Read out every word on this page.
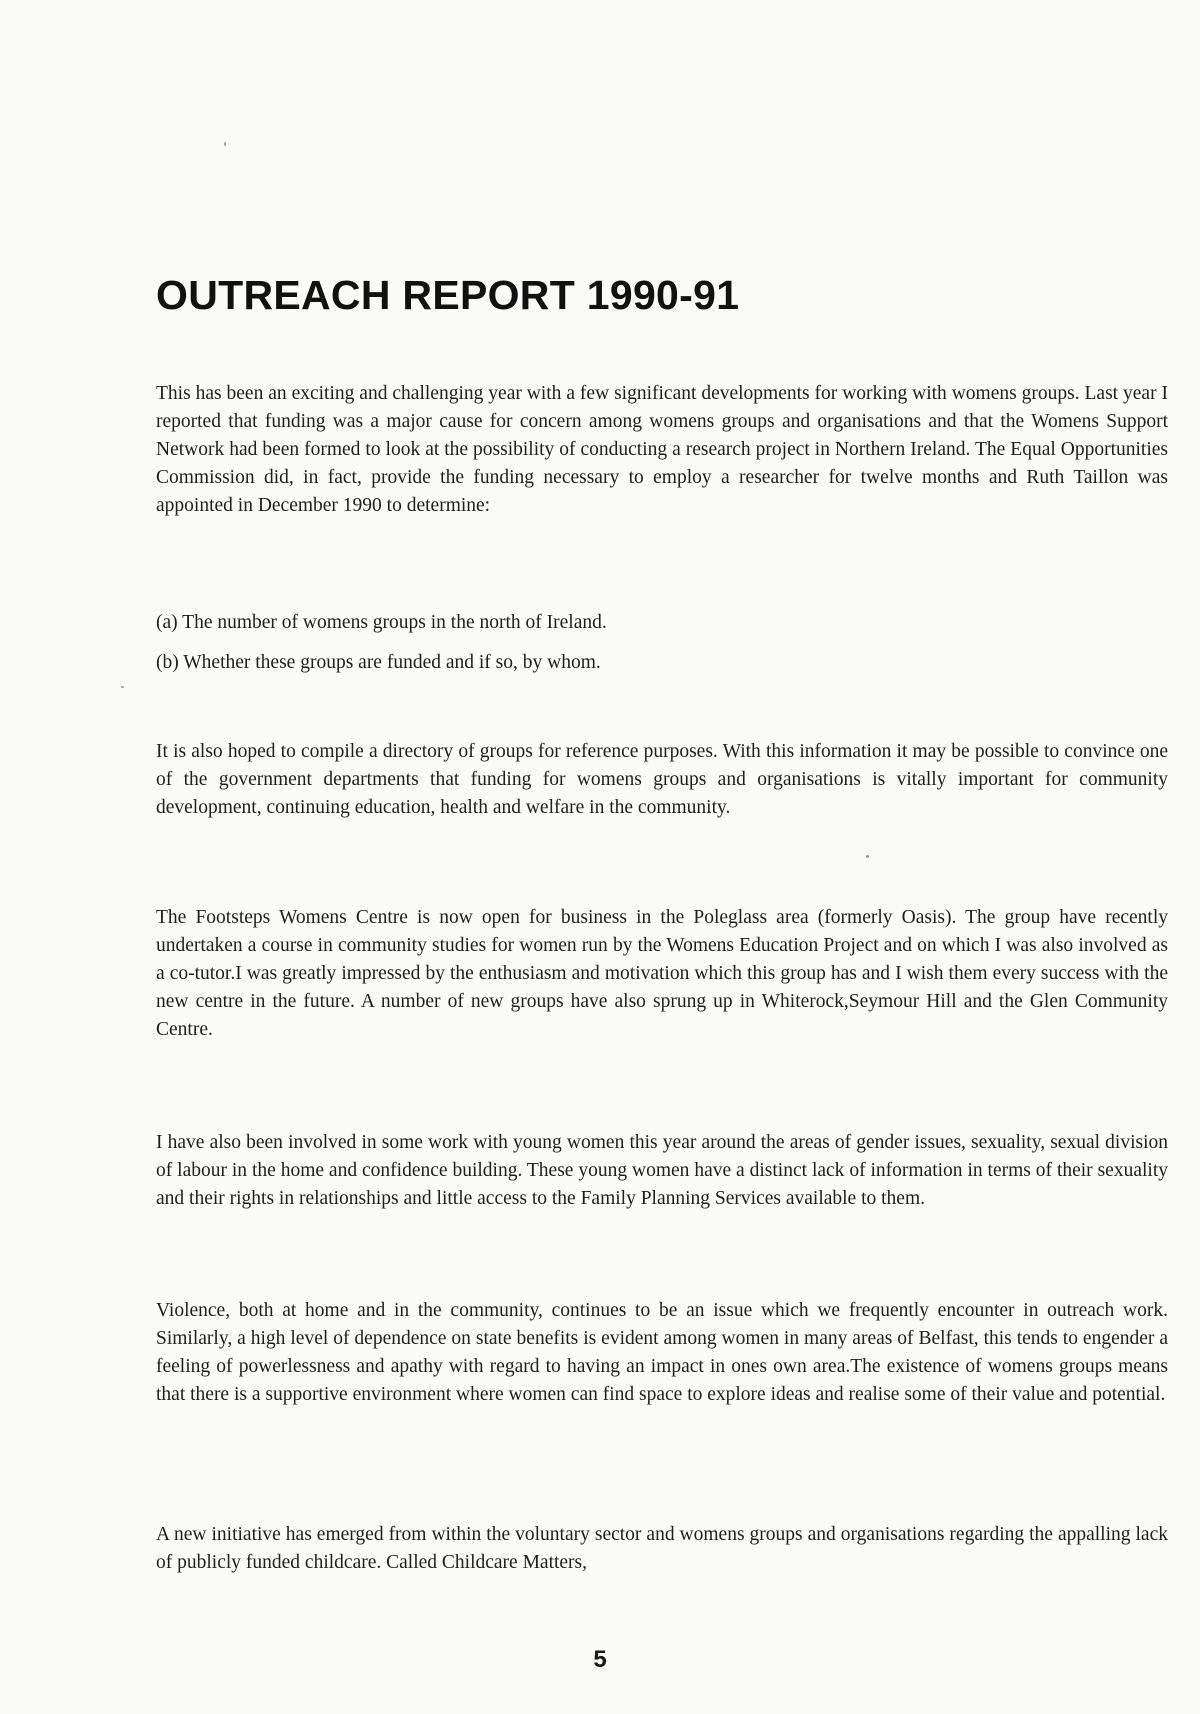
OUTREACH REPORT 1990-91

This has been an exciting and challenging year with a few significant developments for working with womens groups. Last year I reported that funding was a major cause for concern among womens groups and organisations and that the Womens Support Network had been formed to look at the possibility of conducting a research project in Northern Ireland. The Equal Opportunities Commission did, in fact, provide the funding necessary to employ a researcher for twelve months and Ruth Taillon was appointed in December 1990 to determine:

(a) The number of womens groups in the north of Ireland.

(b) Whether these groups are funded and if so, by whom.

It is also hoped to compile a directory of groups for reference purposes. With this information it may be possible to convince one of the government departments that funding for womens groups and organisations is vitally important for community development, continuing education, health and welfare in the community.

The Footsteps Womens Centre is now open for business in the Poleglass area (formerly Oasis). The group have recently undertaken a course in community studies for women run by the Womens Education Project and on which I was also involved as a co-tutor.I was greatly impressed by the enthusiasm and motivation which this group has and I wish them every success with the new centre in the future. A number of new groups have also sprung up in Whiterock,Seymour Hill and the Glen Community Centre.

I have also been involved in some work with young women this year around the areas of gender issues, sexuality, sexual division of labour in the home and confidence building. These young women have a distinct lack of information in terms of their sexuality and their rights in relationships and little access to the Family Planning Services available to them.

Violence, both at home and in the community, continues to be an issue which we frequently encounter in outreach work. Similarly, a high level of dependence on state benefits is evident among women in many areas of Belfast, this tends to engender a feeling of powerlessness and apathy with regard to having an impact in ones own area.The existence of womens groups means that there is a supportive environment where women can find space to explore ideas and realise some of their value and potential.

A new initiative has emerged from within the voluntary sector and womens groups and organisations regarding the appalling lack of publicly funded childcare. Called Childcare Matters,

5
